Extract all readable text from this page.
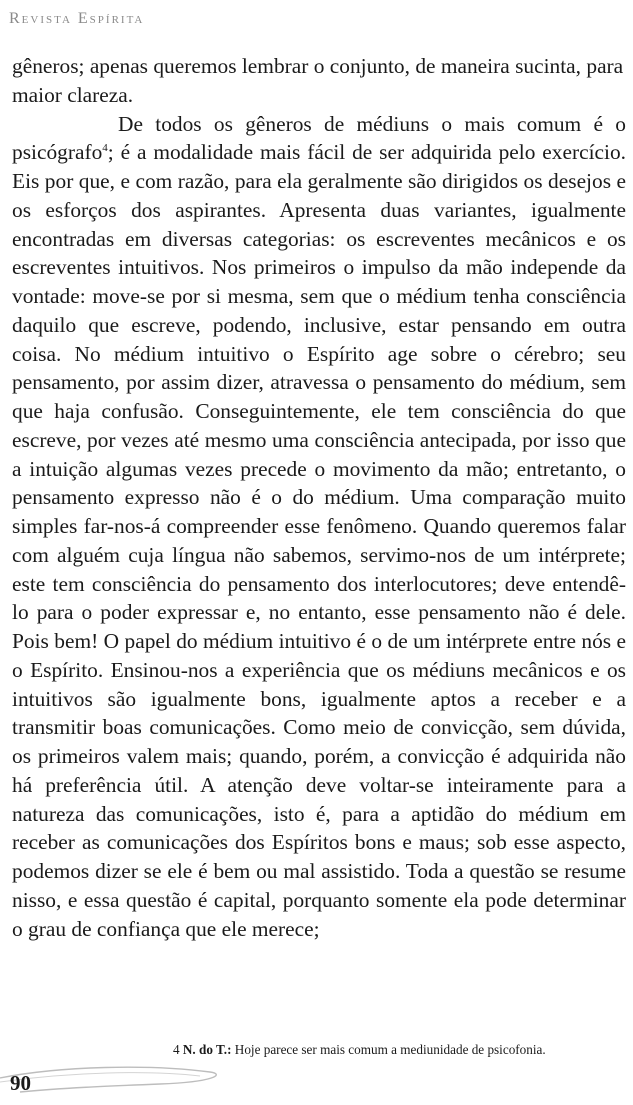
Revista Espírita

gêneros; apenas queremos lembrar o conjunto, de maneira sucinta, para maior clareza.

De todos os gêneros de médiuns o mais comum é o psicógrafo$^4$; é a modalidade mais fácil de ser adquirida pelo exercício. Eis por que, e com razão, para ela geralmente são dirigidos os desejos e os esforços dos aspirantes. Apresenta duas variantes, igualmente encontradas em diversas categorias: os escreventes mecânicos e os escreventes intuitivos. Nos primeiros o impulso da mão independe da vontade: move-se por si mesma, sem que o médium tenha consciência daquilo que escreve, podendo, inclusive, estar pensando em outra coisa. No médium intuitivo o Espírito age sobre o cérebro; seu pensamento, por assim dizer, atravessa o pensamento do médium, sem que haja confusão. Conseguintemente, ele tem consciência do que escreve, por vezes até mesmo uma consciência antecipada, por isso que a intuição algumas vezes precede o movimento da mão; entretanto, o pensamento expresso não é o do médium. Uma comparação muito simples far-nos-á compreender esse fenômeno. Quando queremos falar com alguém cuja língua não sabemos, servimo-nos de um intérprete; este tem consciência do pensamento dos interlocutores; deve entendê-lo para o poder expressar e, no entanto, esse pensamento não é dele. Pois bem! O papel do médium intuitivo é o de um intérprete entre nós e o Espírito. Ensinou-nos a experiência que os médiuns mecânicos e os intuitivos são igualmente bons, igualmente aptos a receber e a transmitir boas comunicações. Como meio de convicção, sem dúvida, os primeiros valem mais; quando, porém, a convicção é adquirida não há preferência útil. A atenção deve voltar-se inteiramente para a natureza das comunicações, isto é, para a aptidão do médium em receber as comunicações dos Espíritos bons e maus; sob esse aspecto, podemos dizer se ele é bem ou mal assistido. Toda a questão se resume nisso, e essa questão é capital, porquanto somente ela pode determinar o grau de confiança que ele merece;

4 N. do T.: Hoje parece ser mais comum a mediunidade de psicofonia.
90
